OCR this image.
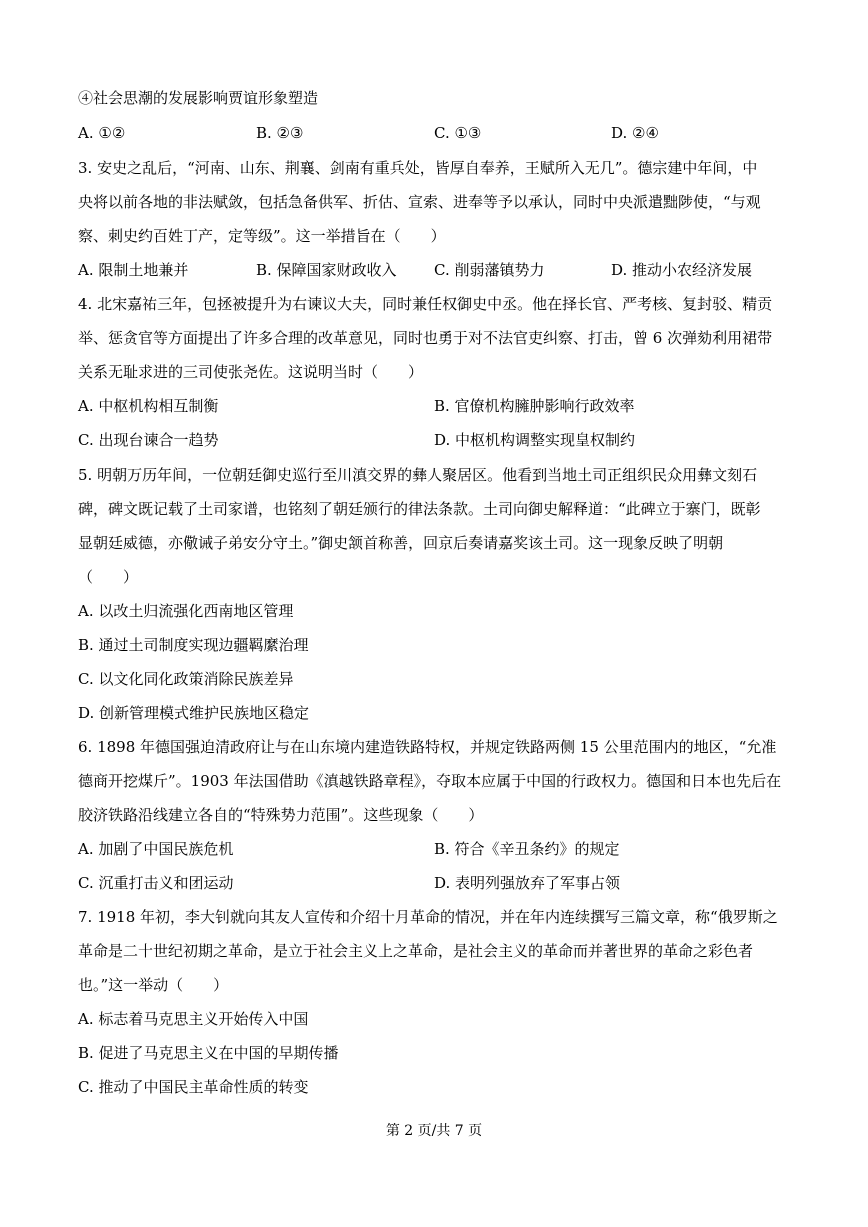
④社会思潮的发展影响贾谊形象塑造
A. ①②	B. ②③	C. ①③	D. ②④
3. 安史之乱后，“河南、山东、荆襄、剑南有重兵处，皆厚自奉养，王赋所入无几”。德宗建中年间，中
央将以前各地的非法赋敛，包括急备供军、折估、宣索、进奉等予以承认，同时中央派遣黜陟使，“与观
察、刺史约百姓丁产，定等级”。这一举措旨在（　　）
A. 限制土地兼并	B. 保障国家财政收入 C. 削弱藩镇势力	D. 推动小农经济发展
4. 北宋嘉祐三年，包拯被提升为右谏议大夫，同时兼任权御史中丞。他在择长官、严考核、复封驳、精贡
举、惩贪官等方面提出了许多合理的改革意见，同时也勇于对不法官吏纠察、打击，曾 6 次弹劾利用裙带
关系无耻求进的三司使张尧佐。这说明当时（　　）
A. 中枢机构相互制衡	B. 官僚机构臃肿影响行政效率
C. 出现台谏合一趋势	D. 中枢机构调整实现皇权制约
5. 明朝万历年间，一位朝廷御史巡行至川滇交界的彝人聚居区。他看到当地土司正组织民众用彝文刻石
碑，碑文既记载了土司家谱，也铭刻了朝廷颁行的律法条款。土司向御史解释道：“此碑立于寨门，既彰
显朝廷威德，亦儆诫子弟安分守土。”御史颔首称善，回京后奏请嘉奖该土司。这一现象反映了明朝
（　　）
A. 以改土归流强化西南地区管理
B. 通过土司制度实现边疆羁縻治理
C. 以文化同化政策消除民族差异
D. 创新管理模式维护民族地区稳定
6. 1898 年德国强迫清政府让与在山东境内建造铁路特权，并规定铁路两侧 15 公里范围内的地区，“允准
德商开挖煤斤”。1903 年法国借助《滇越铁路章程》，夺取本应属于中国的行政权力。德国和日本也先后在
胶济铁路沿线建立各自的“特殊势力范围”。这些现象（　　）
A. 加剧了中国民族危机	B. 符合《辛丑条约》的规定
C. 沉重打击义和团运动	D. 表明列强放弃了军事占领
7. 1918 年初，李大钊就向其友人宣传和介绍十月革命的情况，并在年内连续撰写三篇文章，称“俄罗斯之
革命是二十世纪初期之革命，是立于社会主义上之革命，是社会主义的革命而并著世界的革命之彩色者
也。”这一举动（　　）
A. 标志着马克思主义开始传入中国
B. 促进了马克思主义在中国的早期传播
C. 推动了中国民主革命性质的转变
第 2 页/共 7 页
